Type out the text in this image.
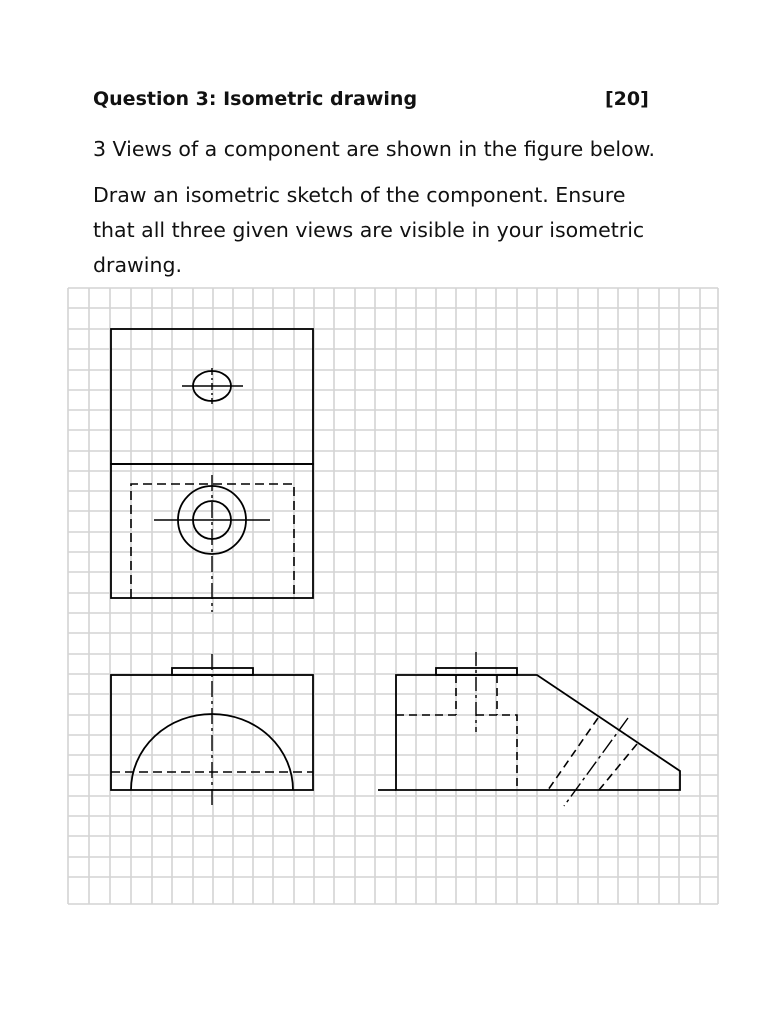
Question 3: Isometric drawing	[20]
3 Views of a component are shown in the figure below.
Draw an isometric sketch of the component. Ensure
that all three given views are visible in your isometric
drawing.
